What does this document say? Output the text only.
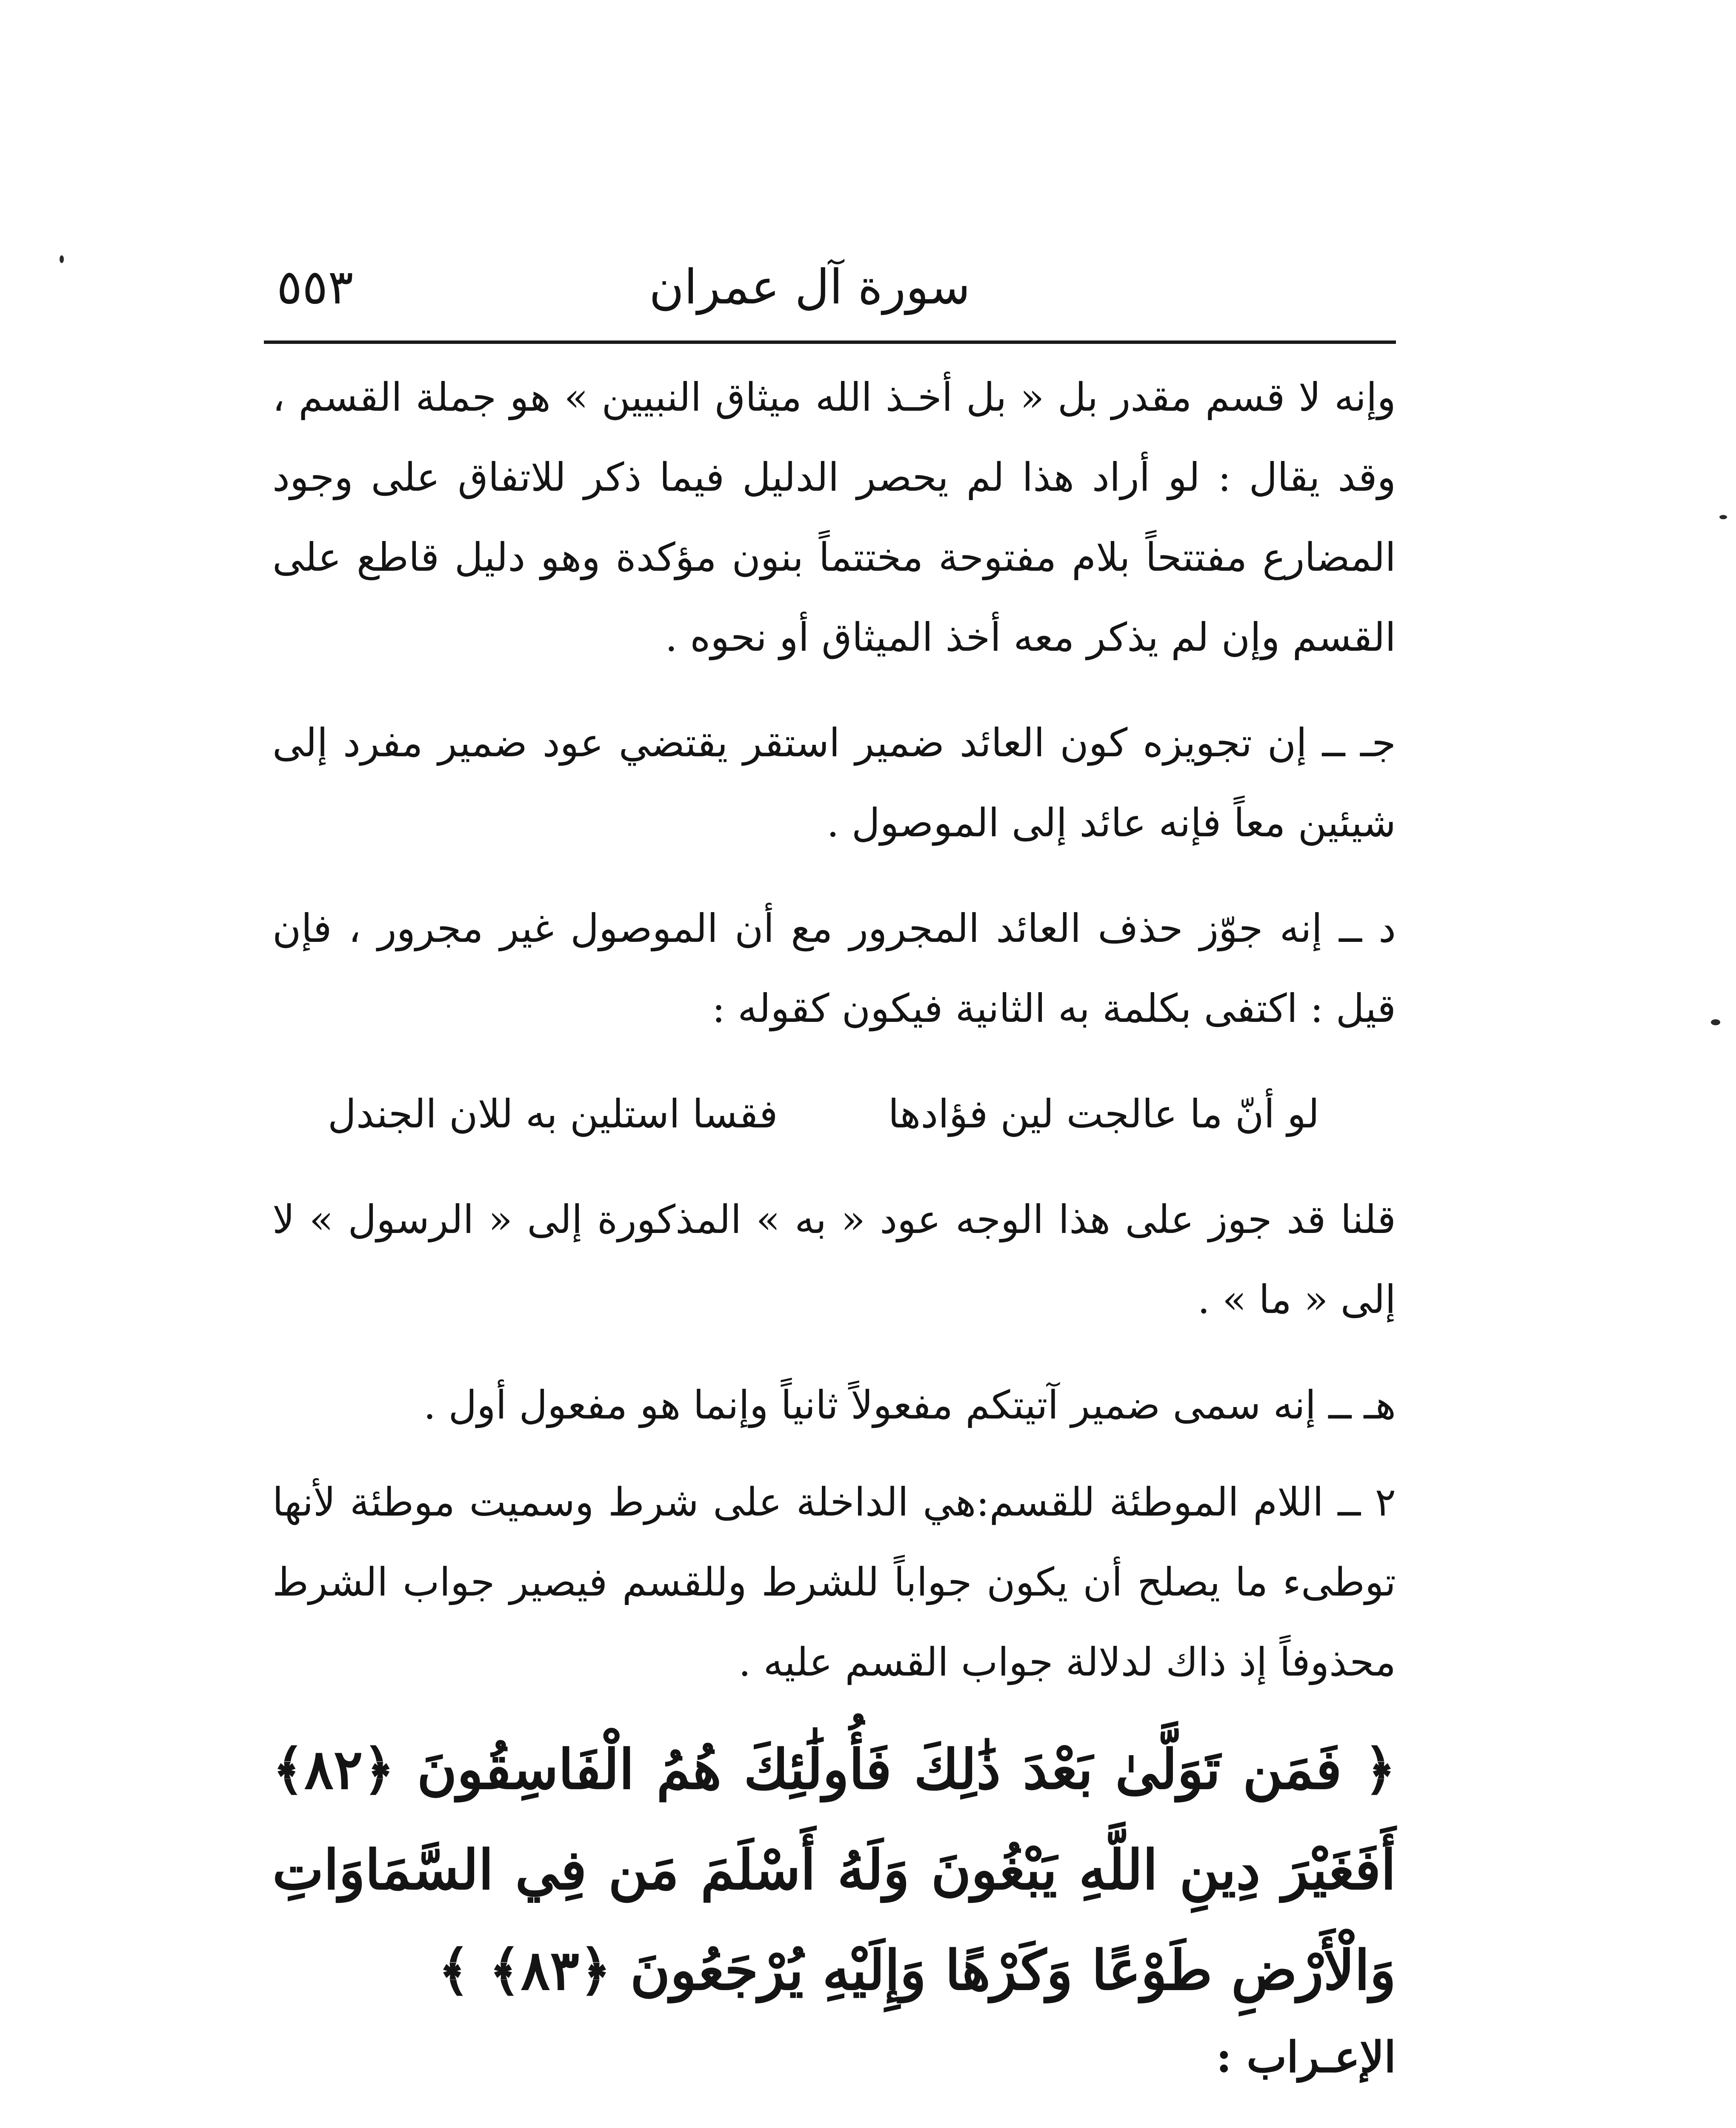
سورة آل عمران
٥٥٣

وإنه لا قسم مقدر بل « بل أخـذ الله ميثاق النبيين » هو جملة القسم ، وقد يقال : لو أراد هذا لم يحصر الدليل فيما ذكر للاتفاق على وجود المضارع مفتتحاً بلام مفتوحة مختتماً بنون مؤكدة وهو دليل قاطع على القسم وإن لم يذكر معه أخذ الميثاق أو نحوه .

جـ ــ إن تجويزه كون العائد ضمير استقر يقتضي عود ضمير مفرد إلى شيئين معاً فإنه عائد إلى الموصول .

د ــ إنه جوّز حذف العائد المجرور مع أن الموصول غير مجرور ، فإن قيل : اكتفى بكلمة به الثانية فيكون كقوله :

لو أنّ ما عالجت لين فؤادها
فقسا استلين به للان الجندل

قلنا قد جوز على هذا الوجه عود « به » المذكورة إلى « الرسول » لا إلى « ما » .

هـ ــ إنه سمى ضمير آتيتكم مفعولاً ثانياً وإنما هو مفعول أول .

٢ ــ اللام الموطئة للقسم:هي الداخلة على شرط وسميت موطئة لأنها توطىء ما يصلح أن يكون جواباً للشرط وللقسم فيصير جواب الشرط محذوفاً إذ ذاك لدلالة جواب القسم عليه .

﴿ فَمَن تَوَلَّىٰ بَعْدَ ذَٰلِكَ فَأُولَٰئِكَ هُمُ الْفَاسِقُونَ ﴿٨٢﴾ أَفَغَيْرَ دِينِ اللَّهِ يَبْغُونَ وَلَهُ أَسْلَمَ مَن فِي السَّمَاوَاتِ وَالْأَرْضِ طَوْعًا وَكَرْهًا وَإِلَيْهِ يُرْجَعُونَ ﴿٨٣﴾ ﴾

الإعـراب :
